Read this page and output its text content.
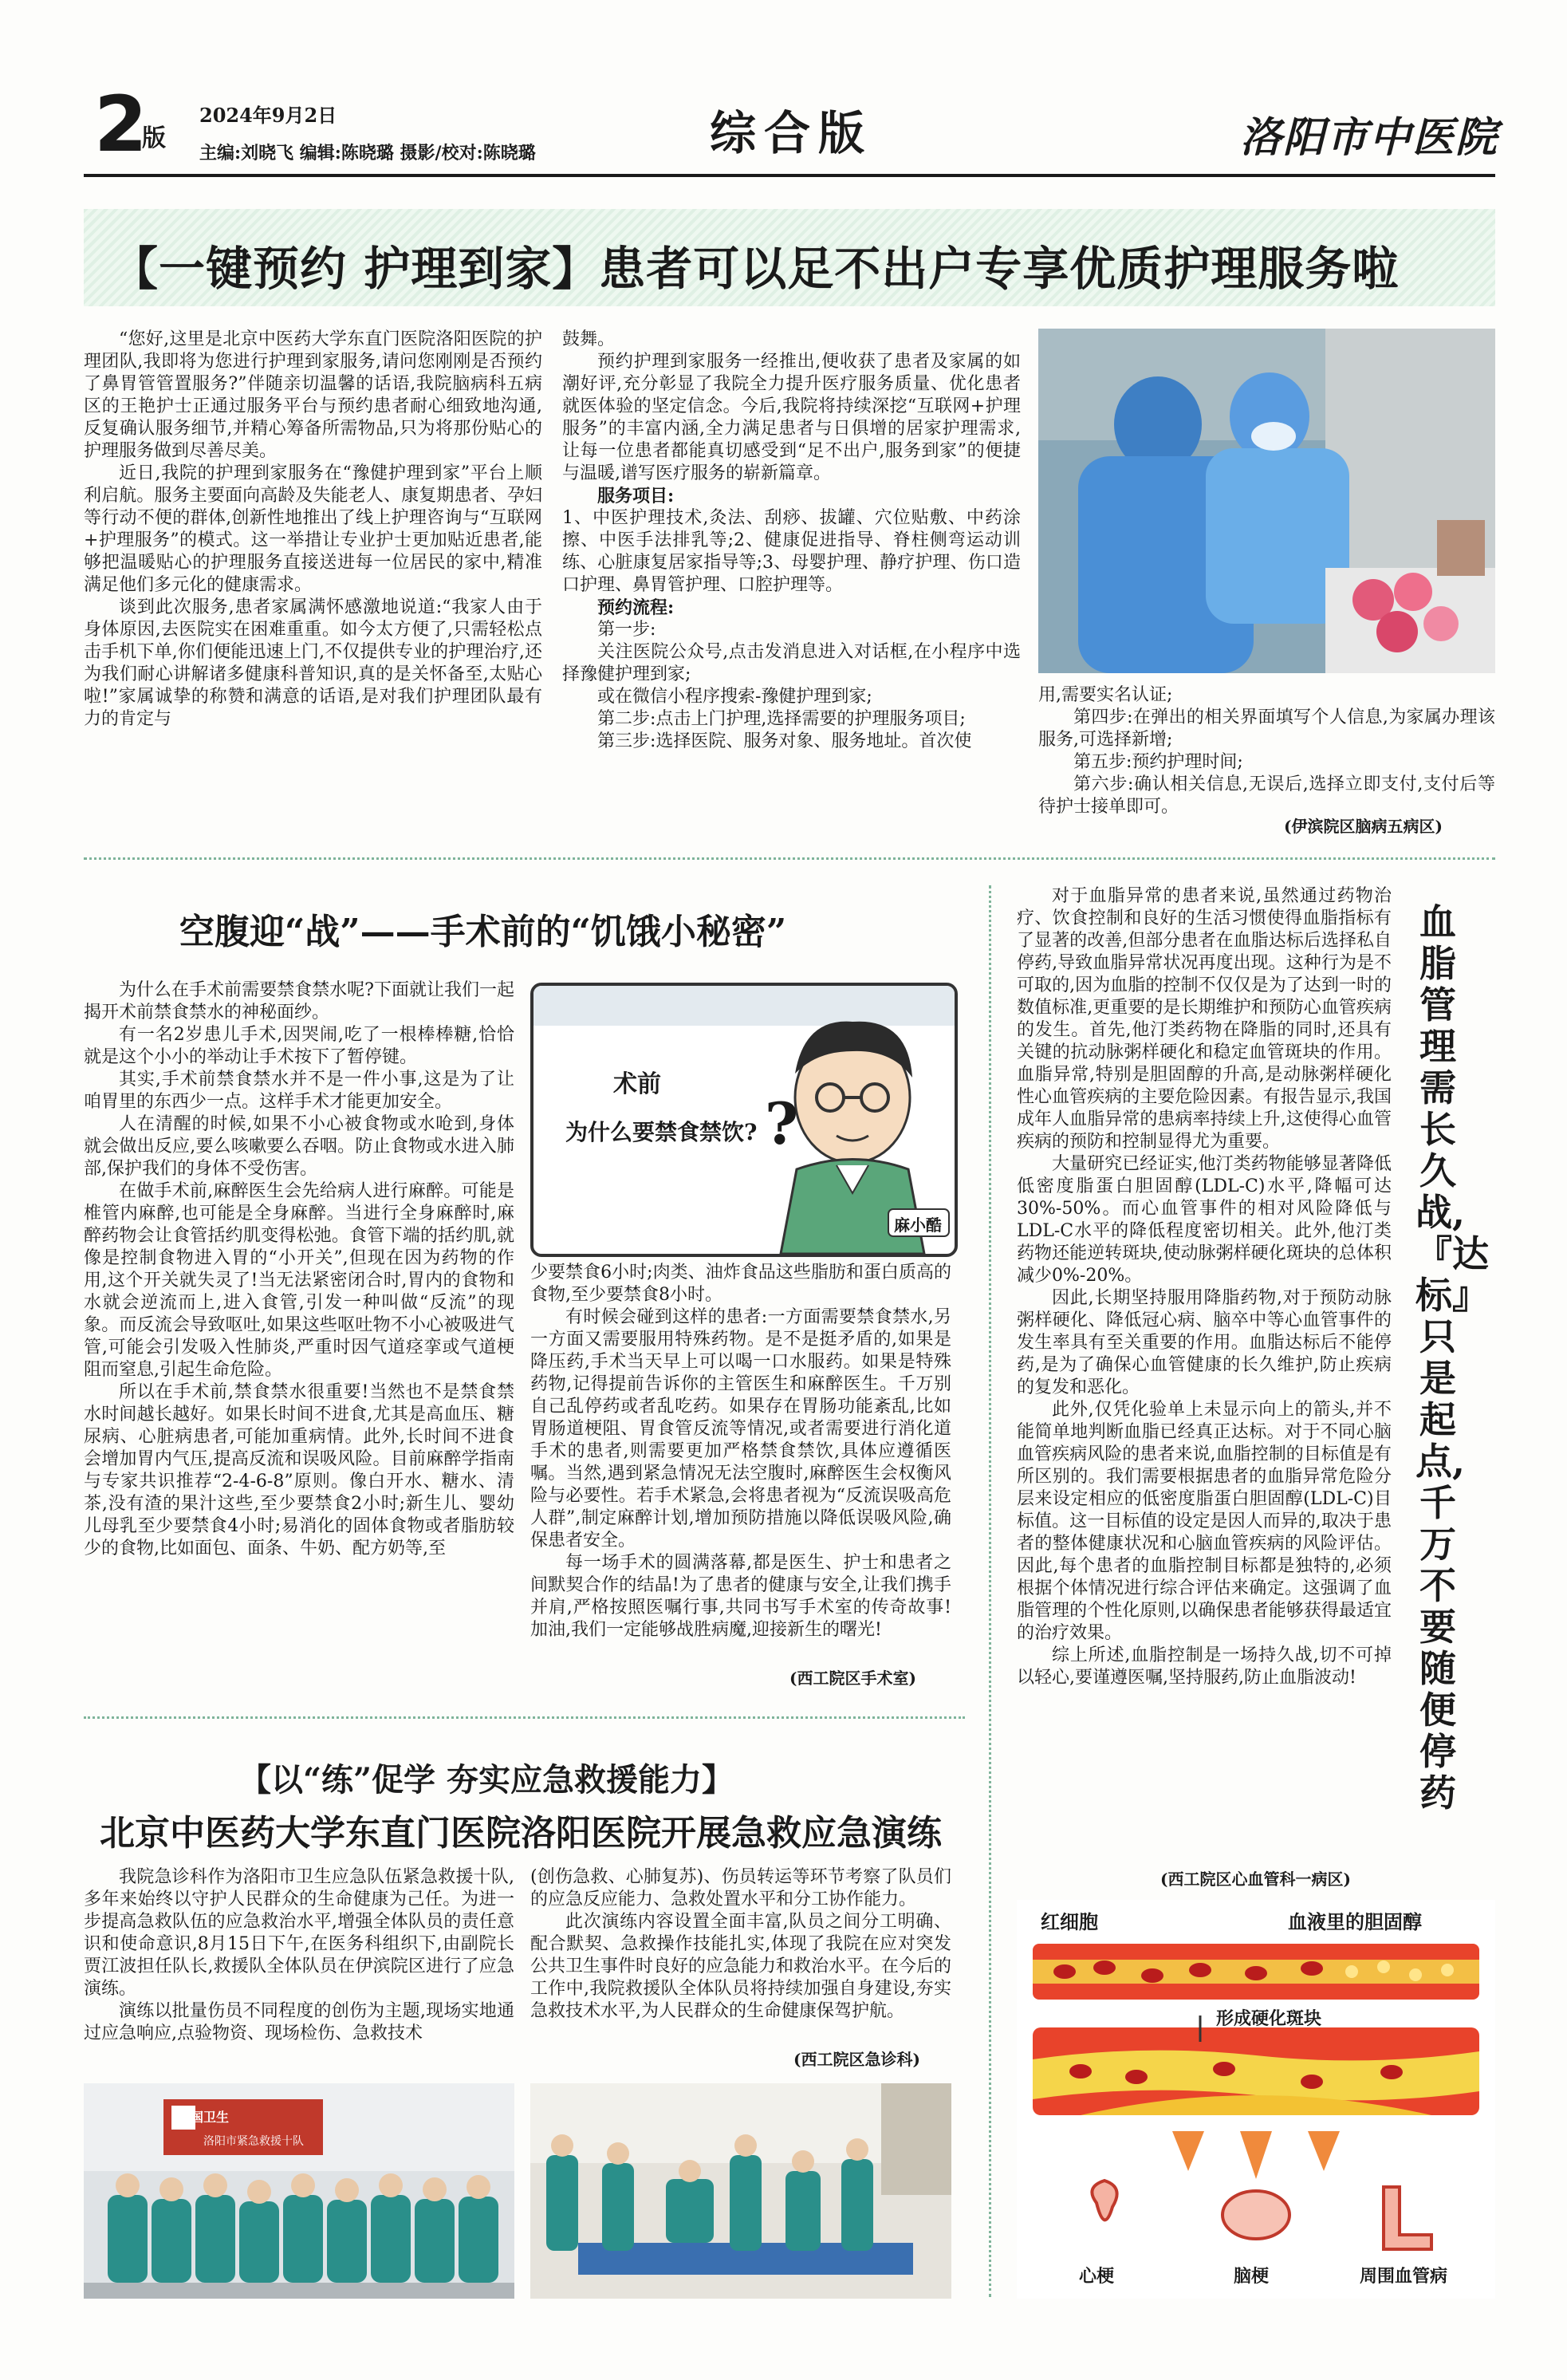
2
版
2024年9月2日
主编:刘晓飞 编辑:陈晓璐 摄影/校对:陈晓璐	综合版	洛阳市中医院
【一键预约 护理到家】患者可以足不出户专享优质护理服务啦

“您好,这里是北京中医药大学东直门医院洛阳医院的护理团队,我即将为您进行护理到家服务,请问您刚刚是否预约了鼻胃管管置服务?”伴随亲切温馨的话语,我院脑病科五病区的王艳护士正通过服务平台与预约患者耐心细致地沟通,反复确认服务细节,并精心筹备所需物品,只为将那份贴心的护理服务做到尽善尽美。

近日,我院的护理到家服务在“豫健护理到家”平台上顺利启航。服务主要面向高龄及失能老人、康复期患者、孕妇等行动不便的群体,创新性地推出了线上护理咨询与“互联网+护理服务”的模式。这一举措让专业护士更加贴近患者,能够把温暖贴心的护理服务直接送进每一位居民的家中,精准满足他们多元化的健康需求。

谈到此次服务,患者家属满怀感激地说道:“我家人由于身体原因,去医院实在困难重重。如今太方便了,只需轻松点击手机下单,你们便能迅速上门,不仅提供专业的护理治疗,还为我们耐心讲解诸多健康科普知识,真的是关怀备至,太贴心啦!”家属诚挚的称赞和满意的话语,是对我们护理团队最有力的肯定与

鼓舞。

预约护理到家服务一经推出,便收获了患者及家属的如潮好评,充分彰显了我院全力提升医疗服务质量、优化患者就医体验的坚定信念。今后,我院将持续深挖“互联网+护理服务”的丰富内涵,全力满足患者与日俱增的居家护理需求,让每一位患者都能真切感受到“足不出户,服务到家”的便捷与温暖,谱写医疗服务的崭新篇章。

服务项目:

1、中医护理技术,灸法、刮痧、拔罐、穴位贴敷、中药涂擦、中医手法排乳等;2、健康促进指导、脊柱侧弯运动训练、心脏康复居家指导等;3、母婴护理、静疗护理、伤口造口护理、鼻胃管护理、口腔护理等。

预约流程:

第一步:

关注医院公众号,点击发消息进入对话框,在小程序中选择豫健护理到家;

或在微信小程序搜索-豫健护理到家;

第二步:点击上门护理,选择需要的护理服务项目;

第三步:选择医院、服务对象、服务地址。首次使

用,需要实名认证;

第四步:在弹出的相关界面填写个人信息,为家属办理该服务,可选择新增;

第五步:预约护理时间;

第六步:确认相关信息,无误后,选择立即支付,支付后等待护士接单即可。

(伊滨院区脑病五病区)
空腹迎“战”——手术前的“饥饿小秘密”

为什么在手术前需要禁食禁水呢?下面就让我们一起揭开术前禁食禁水的神秘面纱。

有一名2岁患儿手术,因哭闹,吃了一根棒棒糖,恰恰就是这个小小的举动让手术按下了暂停键。

其实,手术前禁食禁水并不是一件小事,这是为了让咱胃里的东西少一点。这样手术才能更加安全。

人在清醒的时候,如果不小心被食物或水呛到,身体就会做出反应,要么咳嗽要么吞咽。防止食物或水进入肺部,保护我们的身体不受伤害。

在做手术前,麻醉医生会先给病人进行麻醉。可能是椎管内麻醉,也可能是全身麻醉。当进行全身麻醉时,麻醉药物会让食管括约肌变得松弛。食管下端的括约肌,就像是控制食物进入胃的“小开关”,但现在因为药物的作用,这个开关就失灵了!当无法紧密闭合时,胃内的食物和水就会逆流而上,进入食管,引发一种叫做“反流”的现象。而反流会导致呕吐,如果这些呕吐物不小心被吸进气管,可能会引发吸入性肺炎,严重时因气道痉挛或气道梗阻而窒息,引起生命危险。

所以在手术前,禁食禁水很重要!当然也不是禁食禁水时间越长越好。如果长时间不进食,尤其是高血压、糖尿病、心脏病患者,可能加重病情。此外,长时间不进食会增加胃内气压,提高反流和误吸风险。目前麻醉学指南与专家共识推荐“2-4-6-8”原则。像白开水、糖水、清茶,没有渣的果汁这些,至少要禁食2小时;新生儿、婴幼儿母乳至少要禁食4小时;易消化的固体食物或者脂肪较少的食物,比如面包、面条、牛奶、配方奶等,至

术前
为什么要禁食禁饮? ?
麻小酷

少要禁食6小时;肉类、油炸食品这些脂肪和蛋白质高的食物,至少要禁食8小时。

有时候会碰到这样的患者:一方面需要禁食禁水,另一方面又需要服用特殊药物。是不是挺矛盾的,如果是降压药,手术当天早上可以喝一口水服药。如果是特殊药物,记得提前告诉你的主管医生和麻醉医生。千万别自己乱停药或者乱吃药。如果存在胃肠功能紊乱,比如胃肠道梗阻、胃食管反流等情况,或者需要进行消化道手术的患者,则需要更加严格禁食禁饮,具体应遵循医嘱。当然,遇到紧急情况无法空腹时,麻醉医生会权衡风险与必要性。若手术紧急,会将患者视为“反流误吸高危人群”,制定麻醉计划,增加预防措施以降低误吸风险,确保患者安全。

每一场手术的圆满落幕,都是医生、护士和患者之间默契合作的结晶!为了患者的健康与安全,让我们携手并肩,严格按照医嘱行事,共同书写手术室的传奇故事!加油,我们一定能够战胜病魔,迎接新生的曙光!

(西工院区手术室)
【以“练”促学 夯实应急救援能力】
北京中医药大学东直门医院洛阳医院开展急救应急演练

我院急诊科作为洛阳市卫生应急队伍紧急救援十队,多年来始终以守护人民群众的生命健康为己任。为进一步提高急救队伍的应急救治水平,增强全体队员的责任意识和使命意识,8月15日下午,在医务科组织下,由副院长贾江波担任队长,救援队全体队员在伊滨院区进行了应急演练。

演练以批量伤员不同程度的创伤为主题,现场实地通过应急响应,点验物资、现场检伤、急救技术

(创伤急救、心肺复苏)、伤员转运等环节考察了队员们的应急反应能力、急救处置水平和分工协作能力。

此次演练内容设置全面丰富,队员之间分工明确、配合默契、急救操作技能扎实,体现了我院在应对突发公共卫生事件时良好的应急能力和救治水平。在今后的工作中,我院救援队全体队员将持续加强自身建设,夯实急救技术水平,为人民群众的生命健康保驾护航。

(西工院区急诊科)
中国卫生
洛阳市紧急救援十队

对于血脂异常的患者来说,虽然通过药物治疗、饮食控制和良好的生活习惯使得血脂指标有了显著的改善,但部分患者在血脂达标后选择私自停药,导致血脂异常状况再度出现。这种行为是不可取的,因为血脂的控制不仅仅是为了达到一时的数值标准,更重要的是长期维护和预防心血管疾病的发生。首先,他汀类药物在降脂的同时,还具有关键的抗动脉粥样硬化和稳定血管斑块的作用。血脂异常,特别是胆固醇的升高,是动脉粥样硬化性心血管疾病的主要危险因素。有报告显示,我国成年人血脂异常的患病率持续上升,这使得心血管疾病的预防和控制显得尤为重要。

大量研究已经证实,他汀类药物能够显著降低低密度脂蛋白胆固醇(LDL-C)水平,降幅可达30%-50%。而心血管事件的相对风险降低与LDL-C水平的降低程度密切相关。此外,他汀类药物还能逆转斑块,使动脉粥样硬化斑块的总体积减少0%-20%。

因此,长期坚持服用降脂药物,对于预防动脉粥样硬化、降低冠心病、脑卒中等心血管事件的发生率具有至关重要的作用。血脂达标后不能停药,是为了确保心血管健康的长久维护,防止疾病的复发和恶化。

此外,仅凭化验单上未显示向上的箭头,并不能简单地判断血脂已经真正达标。对于不同心脑血管疾病风险的患者来说,血脂控制的目标值是有所区别的。我们需要根据患者的血脂异常危险分层来设定相应的低密度脂蛋白胆固醇(LDL-C)目标值。这一目标值的设定是因人而异的,取决于患者的整体健康状况和心脑血管疾病的风险评估。因此,每个患者的血脂控制目标都是独特的,必须根据个体情况进行综合评估来确定。这强调了血脂管理的个性化原则,以确保患者能够获得最适宜的治疗效果。

综上所述,血脂控制是一场持久战,切不可掉以轻心,要谨遵医嘱,坚持服药,防止血脂波动!

(西工院区心血管科一病区)
血脂管理需长久战,『达标』只是起点,千万不要随便停药
红细胞	血液里的胆固醇
形成硬化斑块
心梗	脑梗	周围血管病
